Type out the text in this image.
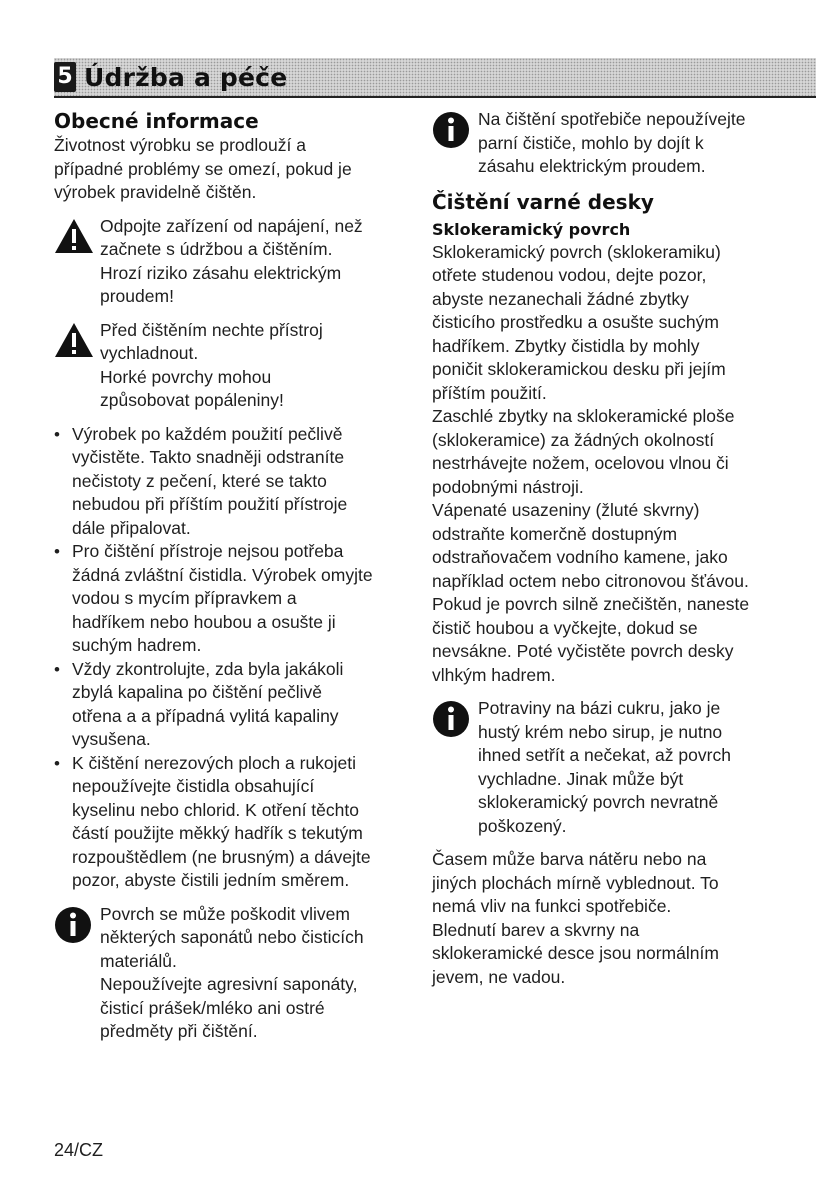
5 Údržba a péče
Obecné informace

Životnost výrobku se prodlouží a

případné problémy se omezí, pokud je

výrobek pravidelně čištěn.

Odpojte zařízení od napájení, než

začnete s údržbou a čištěním.

Hrozí riziko zásahu elektrickým

proudem!

Před čištěním nechte přístroj

vychladnout.

Horké povrchy mohou

způsobovat popáleniny!

• Výrobek po každém použití pečlivě
vyčistěte. Takto snadněji odstraníte
nečistoty z pečení, které se takto
nebudou při příštím použití přístroje
dále připalovat.
• Pro čištění přístroje nejsou potřeba
žádná zvláštní čistidla. Výrobek omyjte
vodou s mycím přípravkem a
hadříkem nebo houbou a osušte ji
suchým hadrem.
• Vždy zkontrolujte, zda byla jakákoli
zbylá kapalina po čištění pečlivě
otřena a a případná vylitá kapaliny
vysušena.
• K čištění nerezových ploch a rukojeti
nepoužívejte čistidla obsahující
kyselinu nebo chlorid. K otření těchto
částí použijte měkký hadřík s tekutým
rozpouštědlem (ne brusným) a dávejte
pozor, abyste čistili jedním směrem.

Povrch se může poškodit vlivem

některých saponátů nebo čisticích

materiálů.

Nepoužívejte agresivní saponáty,

čisticí prášek/mléko ani ostré

předměty při čištění.

Na čištění spotřebiče nepoužívejte

parní čističe, mohlo by dojít k

zásahu elektrickým proudem.

Čištění varné desky
Sklokeramický povrch

Sklokeramický povrch (sklokeramiku)

otřete studenou vodou, dejte pozor,

abyste nezanechali žádné zbytky

čisticího prostředku a osušte suchým

hadříkem. Zbytky čistidla by mohly

poničit sklokeramickou desku při jejím

příštím použití.

Zaschlé zbytky na sklokeramické ploše

(sklokeramice) za žádných okolností

nestrhávejte nožem, ocelovou vlnou či

podobnými nástroji.

Vápenaté usazeniny (žluté skvrny)

odstraňte komerčně dostupným

odstraňovačem vodního kamene, jako

například octem nebo citronovou šťávou.

Pokud je povrch silně znečištěn, naneste

čistič houbou a vyčkejte, dokud se

nevsákne. Poté vyčistěte povrch desky

vlhkým hadrem.

Potraviny na bázi cukru, jako je

hustý krém nebo sirup, je nutno

ihned setřít a nečekat, až povrch

vychladne. Jinak může být

sklokeramický povrch nevratně

poškozený.

Časem může barva nátěru nebo na

jiných plochách mírně vyblednout. To

nemá vliv na funkci spotřebiče.

Blednutí barev a skvrny na

sklokeramické desce jsou normálním

jevem, ne vadou.

24/CZ
